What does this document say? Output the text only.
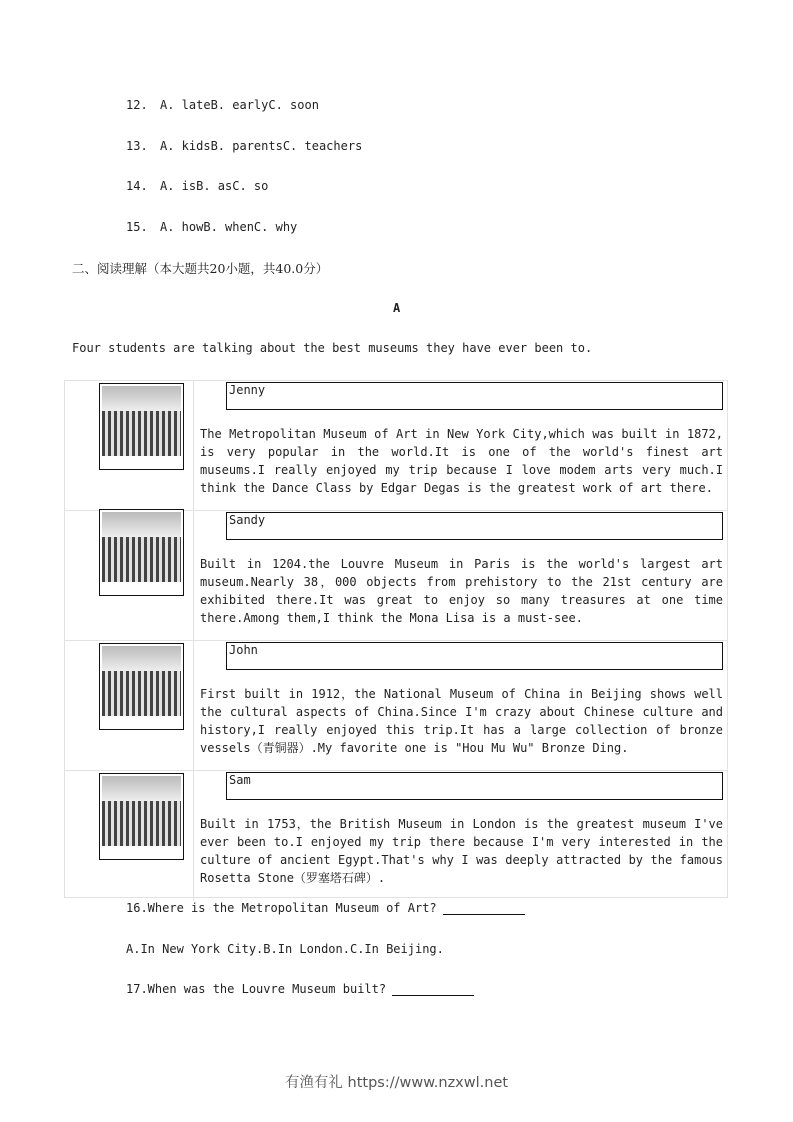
12. A. lateB. earlyC. soon
13. A. kidsB. parentsC. teachers
14. A. isB. asC. so
15. A. howB. whenC. why
二、阅读理解（本大题共20小题，共40.0分）
A
Four students are talking about the best museums they have ever been to.
Jenny
The Metropolitan Museum of Art in New York City,which was built in 1872, is very popular in the world.It is one of the world's finest art museums.I really enjoyed my trip because I love modem arts very much.I think the Dance Class by Edgar Degas is the greatest work of art there.
Sandy
Built in 1204.the Louvre Museum in Paris is the world's largest art museum.Nearly 38，000 objects from prehistory to the 21st century are exhibited there.It was great to enjoy so many treasures at one time there.Among them,I think the Mona Lisa is a must-see.
John
First built in 1912，the National Museum of China in Beijing shows well the cultural aspects of China.Since I'm crazy about Chinese culture and history,I really enjoyed this trip.It has a large collection of bronze vessels（青铜器）.My favorite one is "Hou Mu Wu" Bronze Ding.
Sam
Built in 1753，the British Museum in London is the greatest museum I've ever been to.I enjoyed my trip there because I'm very interested in the culture of ancient Egypt.That's why I was deeply attracted by the famous Rosetta Stone（罗塞塔石碑）.
16.Where is the Metropolitan Museum of Art?
A.In New York City.B.In London.C.In Beijing.
17.When was the Louvre Museum built?
有渔有礼 https://www.nzxwl.net
